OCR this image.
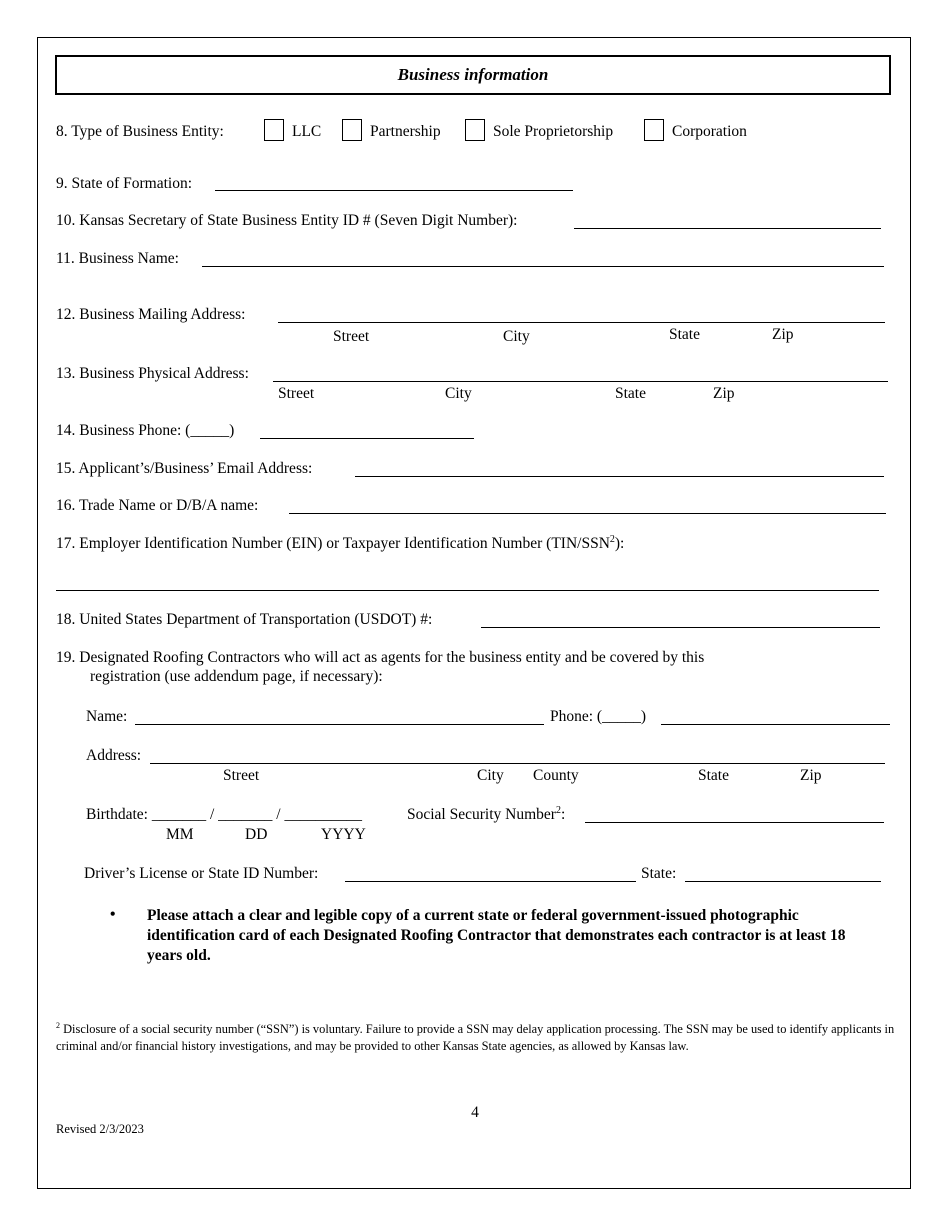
Business information
8. Type of Business Entity:	LLC	Partnership	Sole Proprietorship	Corporation
9. State of Formation:
10. Kansas Secretary of State Business Entity ID # (Seven Digit Number):
11. Business Name:
12. Business Mailing Address:
Street	City	State	Zip
13. Business Physical Address:
Street	City	State	Zip
14. Business Phone: (_____)
15. Applicant’s/Business’ Email Address:
16. Trade Name or D/B/A name:
17. Employer Identification Number (EIN) or Taxpayer Identification Number (TIN/SSN$^2$):
18. United States Department of Transportation (USDOT) #:
19. Designated Roofing Contractors who will act as agents for the business entity and be covered by this
registration (use addendum page, if necessary):
Name:	Phone: (_____)
Address:
Street	City County	State	Zip
Birthdate: _______ / _______ / __________
MM	DD	YYYY
Social Security Number$^2$:
Driver’s License or State ID Number:	State:
• Please attach a clear and legible copy of a current state or federal government-issued photographic identification card of each Designated Roofing Contractor that demonstrates each contractor is at least 18 years old.
$^2$ Disclosure of a social security number (“SSN”) is voluntary. Failure to provide a SSN may delay application processing. The SSN may be used to identify applicants in criminal and/or financial history investigations, and may be provided to other Kansas State agencies, as allowed by Kansas law.
4
Revised 2/3/2023
